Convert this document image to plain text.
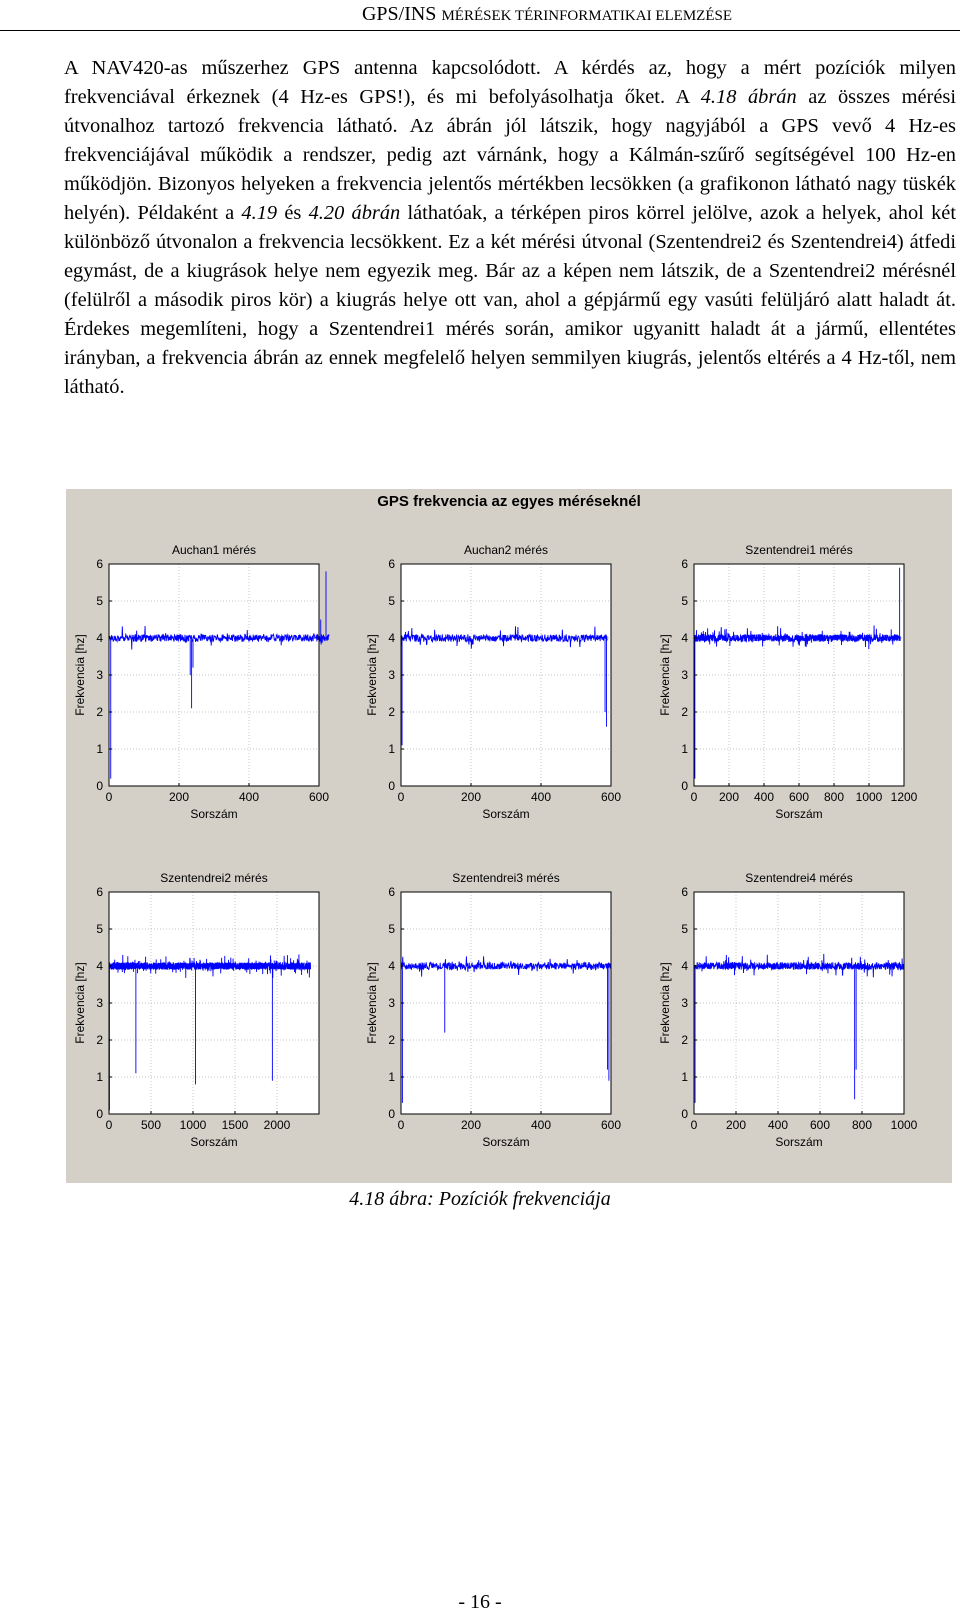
GPS/INS MÉRÉSEK TÉRINFORMATIKAI ELEMZÉSE

A NAV420-as műszerhez GPS antenna kapcsolódott. A kérdés az, hogy a mért pozíciók milyen frekvenciával érkeznek (4 Hz-es GPS!), és mi befolyásolhatja őket. A 4.18 ábrán az összes mérési útvonalhoz tartozó frekvencia látható. Az ábrán jól látszik, hogy nagyjából a GPS vevő 4 Hz-es frekvenciájával működik a rendszer, pedig azt várnánk, hogy a Kálmán-szűrő segítségével 100 Hz-en működjön. Bizonyos helyeken a frekvencia jelentős mértékben lecsökken (a grafikonon látható nagy tüskék helyén). Példaként a 4.19 és 4.20 ábrán láthatóak, a térképen piros körrel jelölve, azok a helyek, ahol két különböző útvonalon a frekvencia lecsökkent. Ez a két mérési útvonal (Szentendrei2 és Szentendrei4) átfedi egymást, de a kiugrások helye nem egyezik meg. Bár az a képen nem látszik, de a Szentendrei2 mérésnél (felülről a második piros kör) a kiugrás helye ott van, ahol a gépjármű egy vasúti felüljáró alatt haladt át. Érdekes megemlíteni, hogy a Szentendrei1 mérés során, amikor ugyanitt haladt át a jármű, ellentétes irányban, a frekvencia ábrán az ennek megfelelő helyen semmilyen kiugrás, jelentős eltérés a 4 Hz-től, nem látható.

GPS frekvencia az egyes méréseknél
0	200	400	600
0
1
2
3
4
5
6
Auchan1 mérés
Sorszám
Frekvencia [hz]
0	200	400	600
0
1
2
3
4
5
6
Auchan2 mérés
Sorszám
Frekvencia [hz]
0 200 400 600 800 1000 1200
0
1
2
3
4
5
6
Szentendrei1 mérés
Sorszám
Frekvencia [hz]
0 500 1000 1500 2000
0
1
2
3
4
5
6
Szentendrei2 mérés
Sorszám
Frekvencia [hz]
0	200	400	600
0
1
2
3
4
5
6
Szentendrei3 mérés
Sorszám
Frekvencia [hz]
0 200 400 600 800 1000
0
1
2
3
4
5
6
Szentendrei4 mérés
Sorszám
Frekvencia [hz]
4.18 ábra: Pozíciók frekvenciája
- 16 -
